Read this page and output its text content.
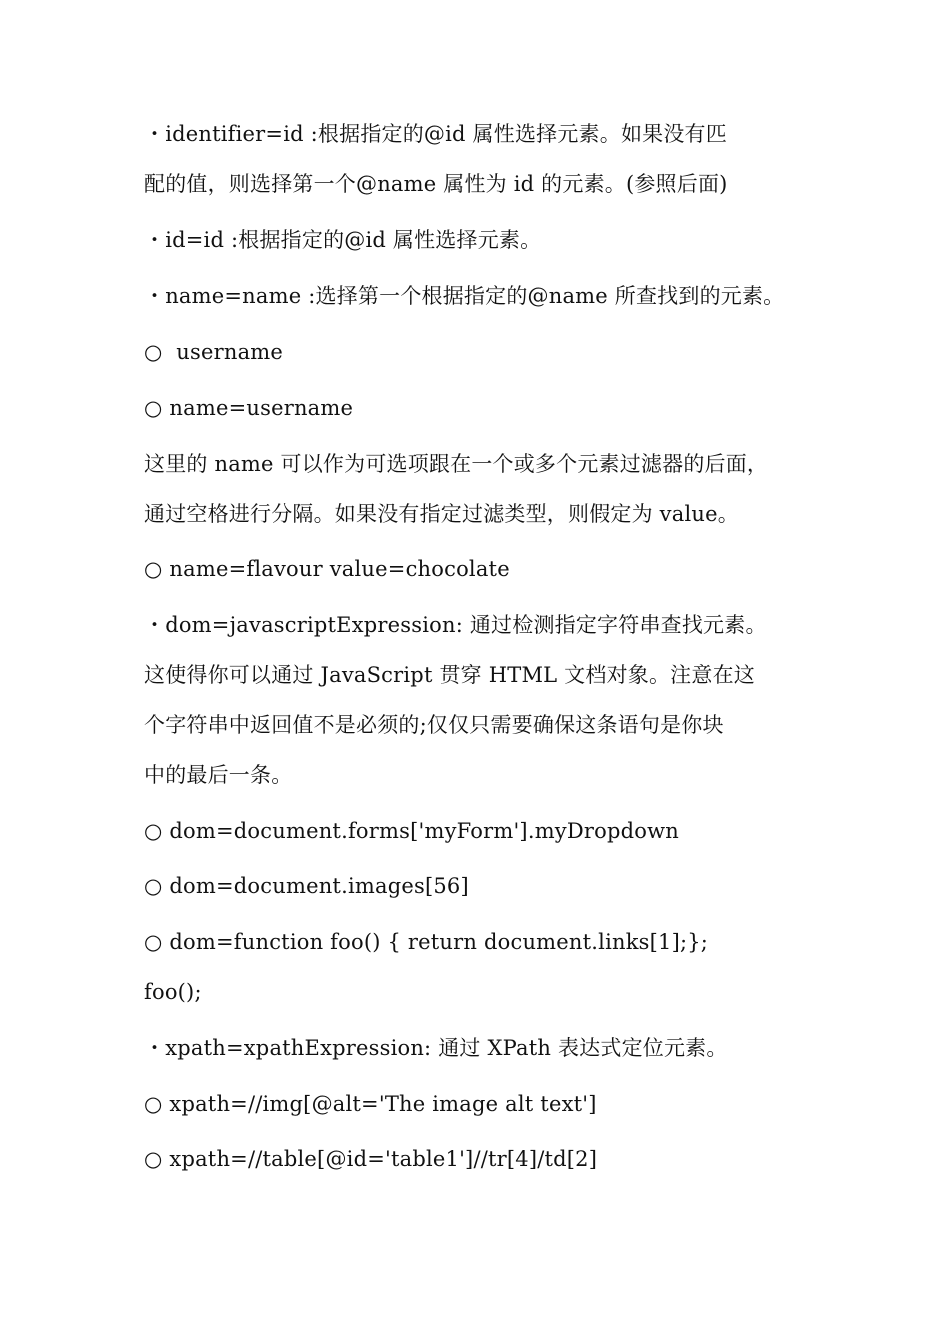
・identifier=id :根据指定的@id 属性选择元素。如果没有匹
配的值，则选择第一个@name 属性为 id 的元素。(参照后面)
・id=id :根据指定的@id 属性选择元素。
・name=name :选择第一个根据指定的@name 所查找到的元素。
○  username
○ name=username
这里的 name 可以作为可选项跟在一个或多个元素过滤器的后面，
通过空格进行分隔。如果没有指定过滤类型，则假定为 value。
○ name=flavour value=chocolate
・dom=javascriptExpression: 通过检测指定字符串查找元素。
这使得你可以通过 JavaScript 贯穿 HTML 文档对象。注意在这
个字符串中返回值不是必须的;仅仅只需要确保这条语句是你块
中的最后一条。
○ dom=document.forms['myForm'].myDropdown
○ dom=document.images[56]
○ dom=function foo() { return document.links[1];};
foo();
・xpath=xpathExpression: 通过 XPath 表达式定位元素。
○ xpath=//img[@alt='The image alt text']
○ xpath=//table[@id='table1']//tr[4]/td[2]
